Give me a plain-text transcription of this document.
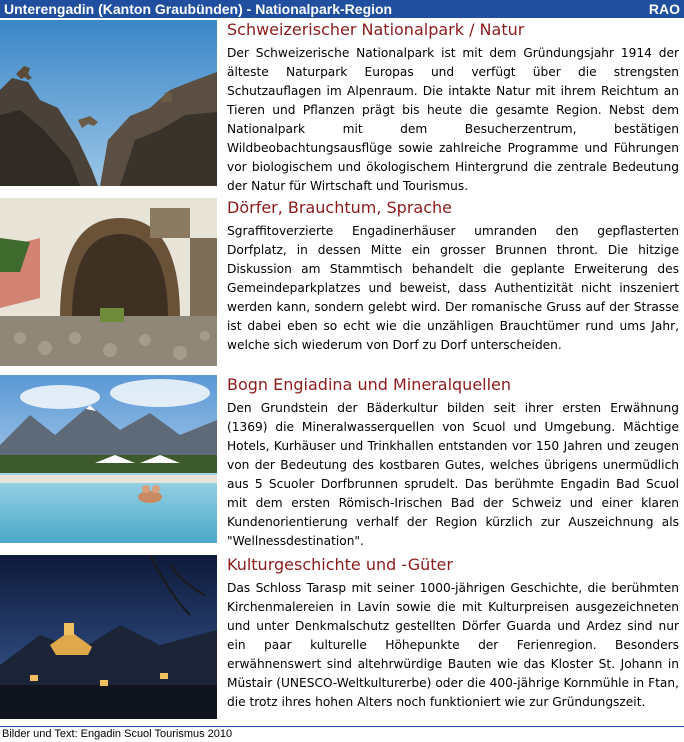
Unterengadin (Kanton Graubünden) - Nationalpark-Region	RAO
Schweizerischer Nationalpark / Natur

Der Schweizerische Nationalpark ist mit dem Gründungsjahr 1914 der älteste Naturpark Europas und verfügt über die strengsten Schutzauflagen im Alpenraum. Die intakte Natur mit ihrem Reichtum an Tieren und Pflanzen prägt bis heute die gesamte Region. Nebst dem Nationalpark mit dem Besucherzentrum, bestätigen Wildbeobachtungsausflüge sowie zahlreiche Programme und Führungen vor biologischem und ökologischem Hintergrund die zentrale Bedeutung der Natur für Wirtschaft und Tourismus.

Dörfer, Brauchtum, Sprache

Sgraffitoverzierte Engadinerhäuser umranden den gepflasterten Dorfplatz, in dessen Mitte ein grosser Brunnen thront. Die hitzige Diskussion am Stammtisch behandelt die geplante Erweiterung des Gemeindeparkplatzes und beweist, dass Authentizität nicht inszeniert werden kann, sondern gelebt wird. Der romanische Gruss auf der Strasse ist dabei eben so echt wie die unzähligen Brauchtümer rund ums Jahr, welche sich wiederum von Dorf zu Dorf unterscheiden.

Bogn Engiadina und Mineralquellen

Den Grundstein der Bäderkultur bilden seit ihrer ersten Erwähnung (1369) die Mineralwasserquellen von Scuol und Umgebung. Mächtige Hotels, Kurhäuser und Trinkhallen entstanden vor 150 Jahren und zeugen von der Bedeutung des kostbaren Gutes, welches übrigens unermüdlich aus 5 Scuoler Dorfbrunnen sprudelt. Das berühmte Engadin Bad Scuol mit dem ersten Römisch-Irischen Bad der Schweiz und einer klaren Kundenorientierung verhalf der Region kürzlich zur Auszeichnung als "Wellnessdestination".

Kulturgeschichte und -Güter

Das Schloss Tarasp mit seiner 1000-jährigen Geschichte, die berühmten Kirchenmalereien in Lavin sowie die mit Kulturpreisen ausgezeichneten und unter Denkmalschutz gestellten Dörfer Guarda und Ardez sind nur ein paar kulturelle Höhepunkte der Ferienregion. Besonders erwähnenswert sind altehrwürdige Bauten wie das Kloster St. Johann in Müstair (UNESCO-Weltkulturerbe) oder die 400-jährige Kornmühle in Ftan, die trotz ihres hohen Alters noch funktioniert wie zur Gründungszeit.

Bilder und Text: Engadin Scuol Tourismus 2010
